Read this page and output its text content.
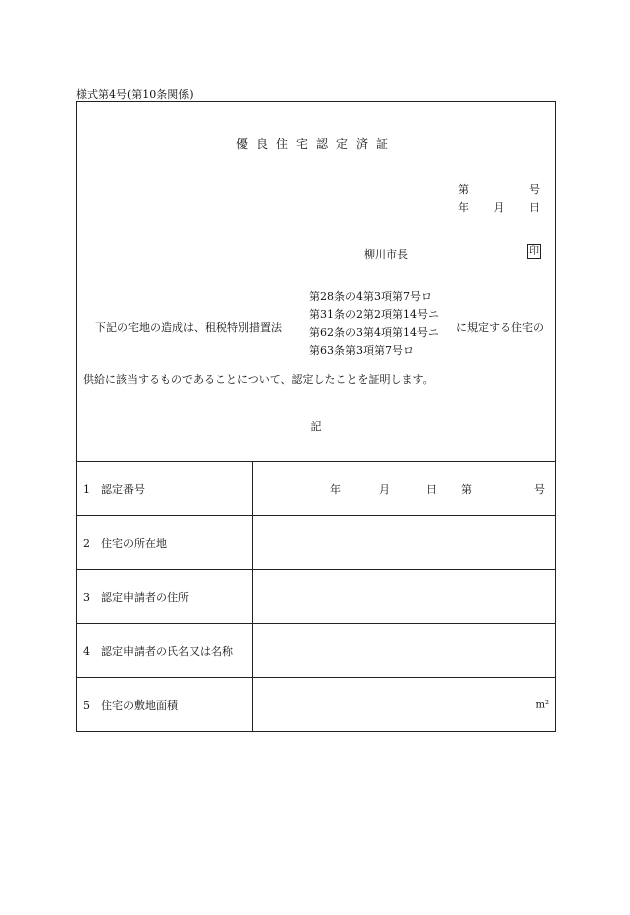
様式第4号(第10条関係)
優良住宅認定済証
第	号
年 月 日
柳川市長	印
下記の宅地の造成は、租税特別措置法
第28条の4第3項第7号ロ
第31条の2第2項第14号ニ
第62条の3第4項第14号ニ
第63条第3項第7号ロ
に規定する住宅の
供給に該当するものであることについて、認定したことを証明します。
記
1 認定番号	年	月	日 第	号
2 住宅の所在地
3 認定申請者の住所
4 認定申請者の氏名又は名称
5 住宅の敷地面積	m²
